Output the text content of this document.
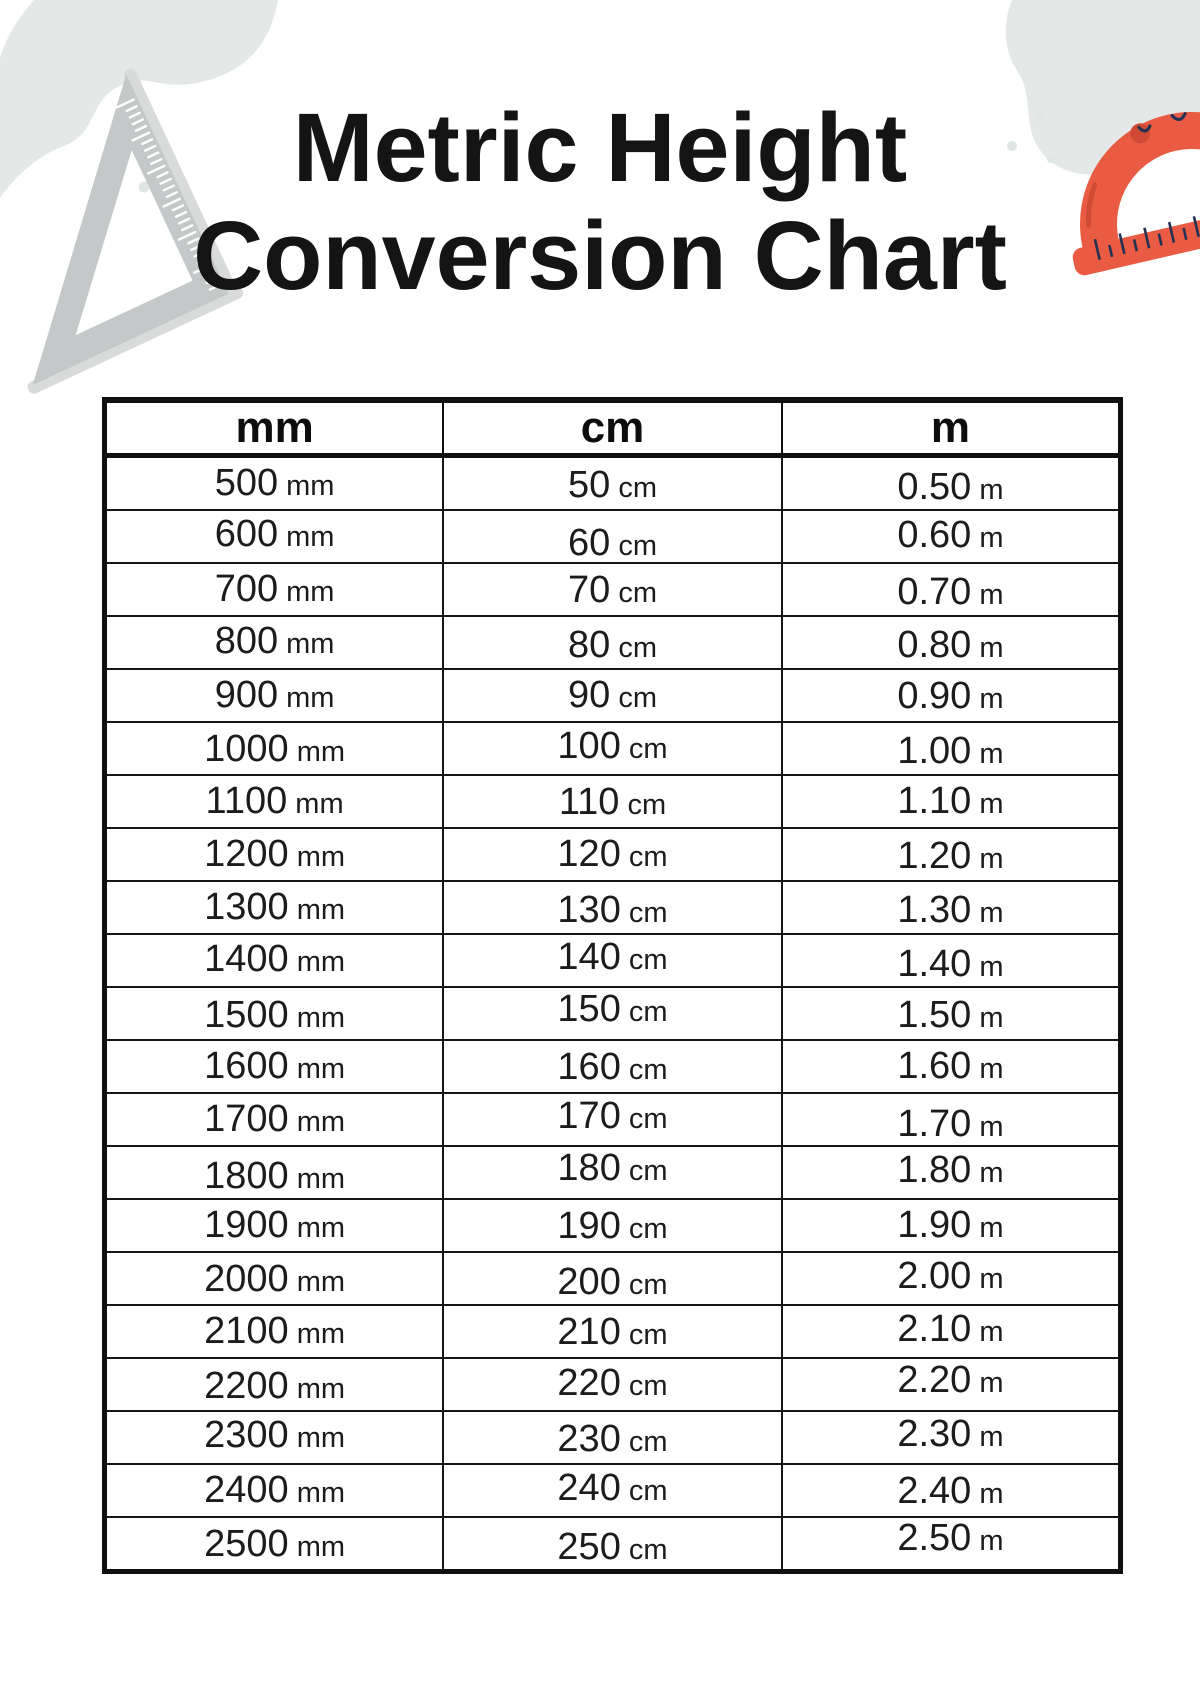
Metric Height
Conversion Chart
mm	cm	m
500 mm	50 cm	0.50 m
600 mm	60 cm	0.60 m
700 mm	70 cm	0.70 m
800 mm	80 cm	0.80 m
900 mm	90 cm	0.90 m
1000 mm	100 cm	1.00 m
1100 mm	110 cm	1.10 m
1200 mm	120 cm	1.20 m
1300 mm	130 cm	1.30 m
1400 mm	140 cm	1.40 m
1500 mm	150 cm	1.50 m
1600 mm	160 cm	1.60 m
1700 mm	170 cm	1.70 m
1800 mm	180 cm	1.80 m
1900 mm	190 cm	1.90 m
2000 mm	200 cm	2.00 m
2100 mm	210 cm	2.10 m
2200 mm	220 cm	2.20 m
2300 mm	230 cm	2.30 m
2400 mm	240 cm	2.40 m
2500 mm	250 cm	2.50 m
